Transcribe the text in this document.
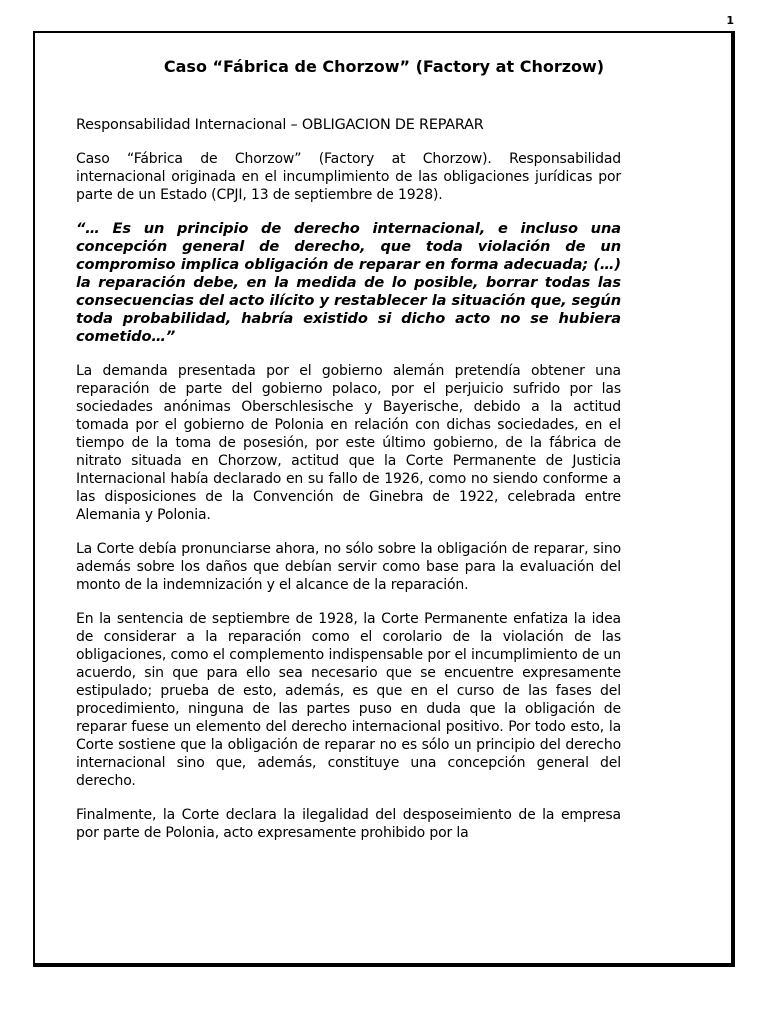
1
Caso “Fábrica de Chorzow” (Factory at Chorzow)
Responsabilidad Internacional – OBLIGACION DE REPARAR

Caso “Fábrica de Chorzow” (Factory at Chorzow). Responsabilidad internacional originada en el incumplimiento de las obligaciones jurídicas por parte de un Estado (CPJI, 13 de septiembre de 1928).

“… Es un principio de derecho internacional, e incluso una concepción general de derecho, que toda violación de un compromiso implica obligación de reparar en forma adecuada; (…) la reparación debe, en la medida de lo posible, borrar todas las consecuencias del acto ilícito y restablecer la situación que, según toda probabilidad, habría existido si dicho acto no se hubiera cometido…”

La demanda presentada por el gobierno alemán pretendía obtener una reparación de parte del gobierno polaco, por el perjuicio sufrido por las sociedades anónimas Oberschlesische y Bayerische, debido a la actitud tomada por el gobierno de Polonia en relación con dichas sociedades, en el tiempo de la toma de posesión, por este último gobierno, de la fábrica de nitrato situada en Chorzow, actitud que la Corte Permanente de Justicia Internacional había declarado en su fallo de 1926, como no siendo conforme a las disposiciones de la Convención de Ginebra de 1922, celebrada entre Alemania y Polonia.

La Corte debía pronunciarse ahora, no sólo sobre la obligación de reparar, sino además sobre los daños que debían servir como base para la evaluación del monto de la indemnización y el alcance de la reparación.

En la sentencia de septiembre de 1928, la Corte Permanente enfatiza la idea de considerar a la reparación como el corolario de la violación de las obligaciones, como el complemento indispensable por el incumplimiento de un acuerdo, sin que para ello sea necesario que se encuentre expresamente estipulado; prueba de esto, además, es que en el curso de las fases del procedimiento, ninguna de las partes puso en duda que la obligación de reparar fuese un elemento del derecho internacional positivo. Por todo esto, la Corte sostiene que la obligación de reparar no es sólo un principio del derecho internacional sino que, además, constituye una concepción general del derecho.

Finalmente, la Corte declara la ilegalidad del desposeimiento de la empresa por parte de Polonia, acto expresamente prohibido por la
